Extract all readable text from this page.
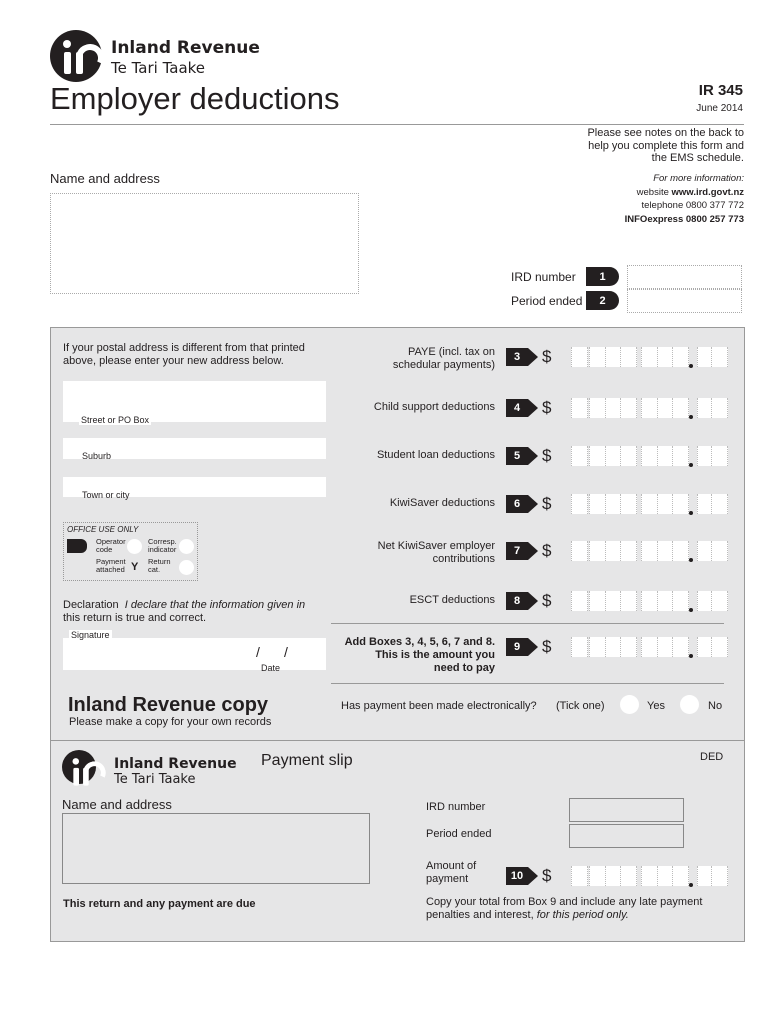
Inland Revenue
Te Tari Taake
Employer deductions	IR 345
June 2014
Please see notes on the back to
help you complete this form and
the EMS schedule.
For more information:
website www.ird.govt.nz
telephone 0800 377 772
INFOexpress 0800 257 773
Name and address
IRD number	1
Period ended	2
If your postal address is different from that printed
above, please enter your new address below.
Street or PO Box
Suburb
Town or city
OFFICE USE ONLY
Operator
code
Corresp.
indicator
Payment
attached Y Return
cat.
Declaration I declare that the information given in
this return is true and correct.
Signature
/ /
Date
PAYE (incl. tax on
schedular payments)
3	$
Child support deductions	4	$
Student loan deductions	5	$
KiwiSaver deductions	6	$
Net KiwiSaver employer
contributions
7	$
ESCT deductions	8	$
Add Boxes 3, 4, 5, 6, 7 and 8.
This is the amount you
need to pay
9	$
Has payment been made electronically? (Tick one)	Yes	No
Inland Revenue copy
Please make a copy for your own records
Inland Revenue
Te Tari Taake
Payment slip	DED
Name and address	IRD number
Period ended
Amount of
payment	10 $
This return and any payment are due	Copy your total from Box 9 and include any late payment
penalties and interest, for this period only.
